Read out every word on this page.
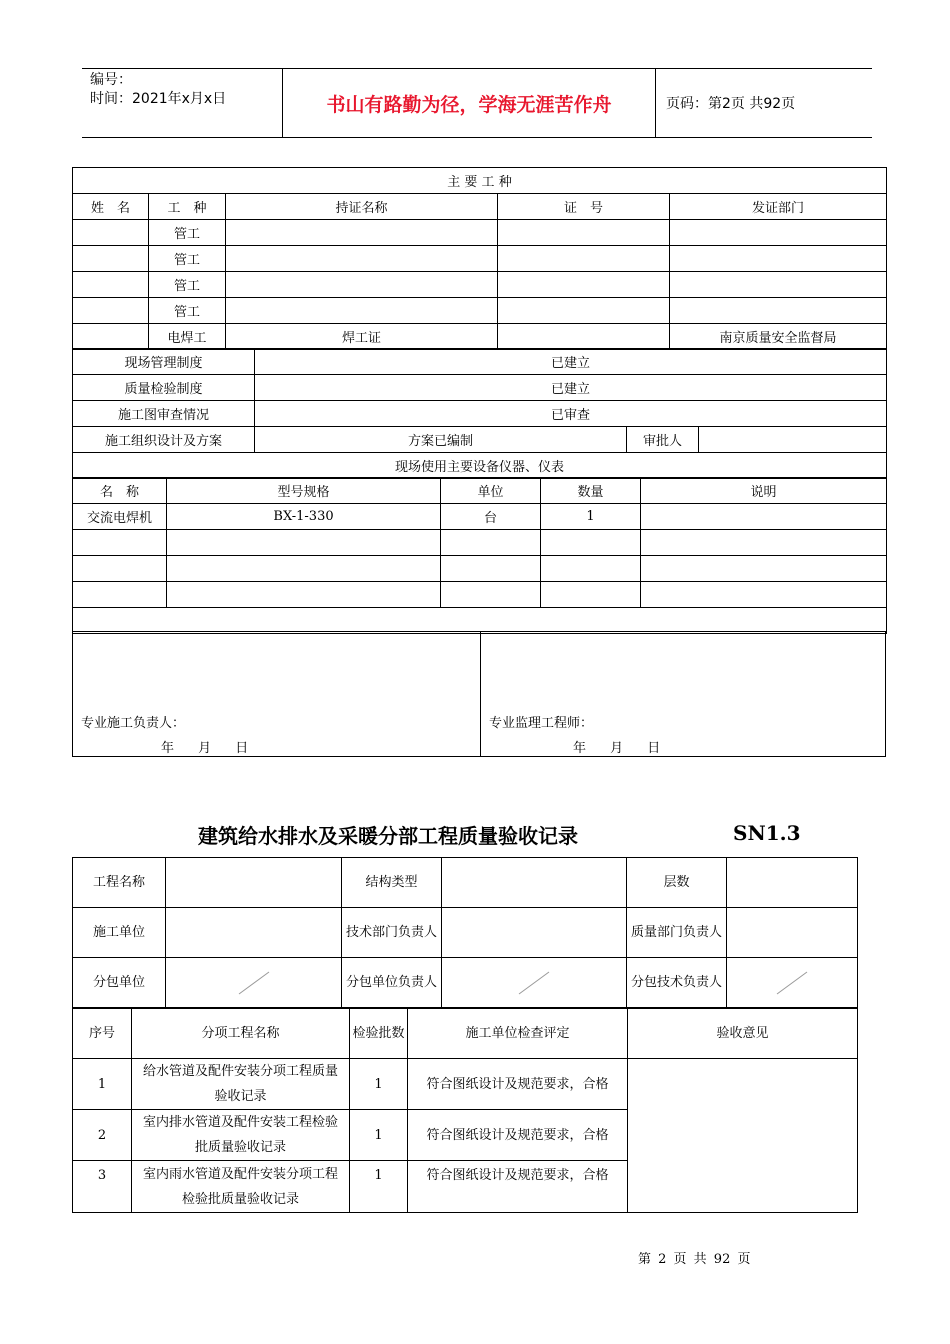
编号：
时间：2021年x月x日	书山有路勤为径，学海无涯苦作舟	页码：第2页 共92页
主 要 工 种				
姓　名	工　种	持证名称	证　号	发证部门
	管工			
	管工			
	管工			
	管工			
	电焊工	焊工证		南京质量安全监督局
现场管理制度	已建立		
质量检验制度	已建立		
施工图审查情况	已审查		
施工组织设计及方案	方案已编制	审批人	
现场使用主要设备仪器、仪表			
名　称	型号规格	单位	数量	说明
交流电焊机	BX-1-330	台	1	

专业施工负责人：
年 月 日
专业监理工程师：
年 月 日
建筑给水排水及采暖分部工程质量验收记录	SN1.3
工程名称		结构类型		层数	
施工单位		技术部门负责人		质量部门负责人	
分包单位		分包单位负责人		分包技术负责人	
序号	分项工程名称	检验批数	施工单位检查评定	验收意见
1	给水管道及配件安装分项工程质量验收记录	1	符合图纸设计及规范要求，合格	
2	室内排水管道及配件安装工程检验批质量验收记录	1	符合图纸设计及规范要求，合格	
3	室内雨水管道及配件安装分项工程检验批质量验收记录	1	符合图纸设计及规范要求，合格	
第 2 页 共 92 页
